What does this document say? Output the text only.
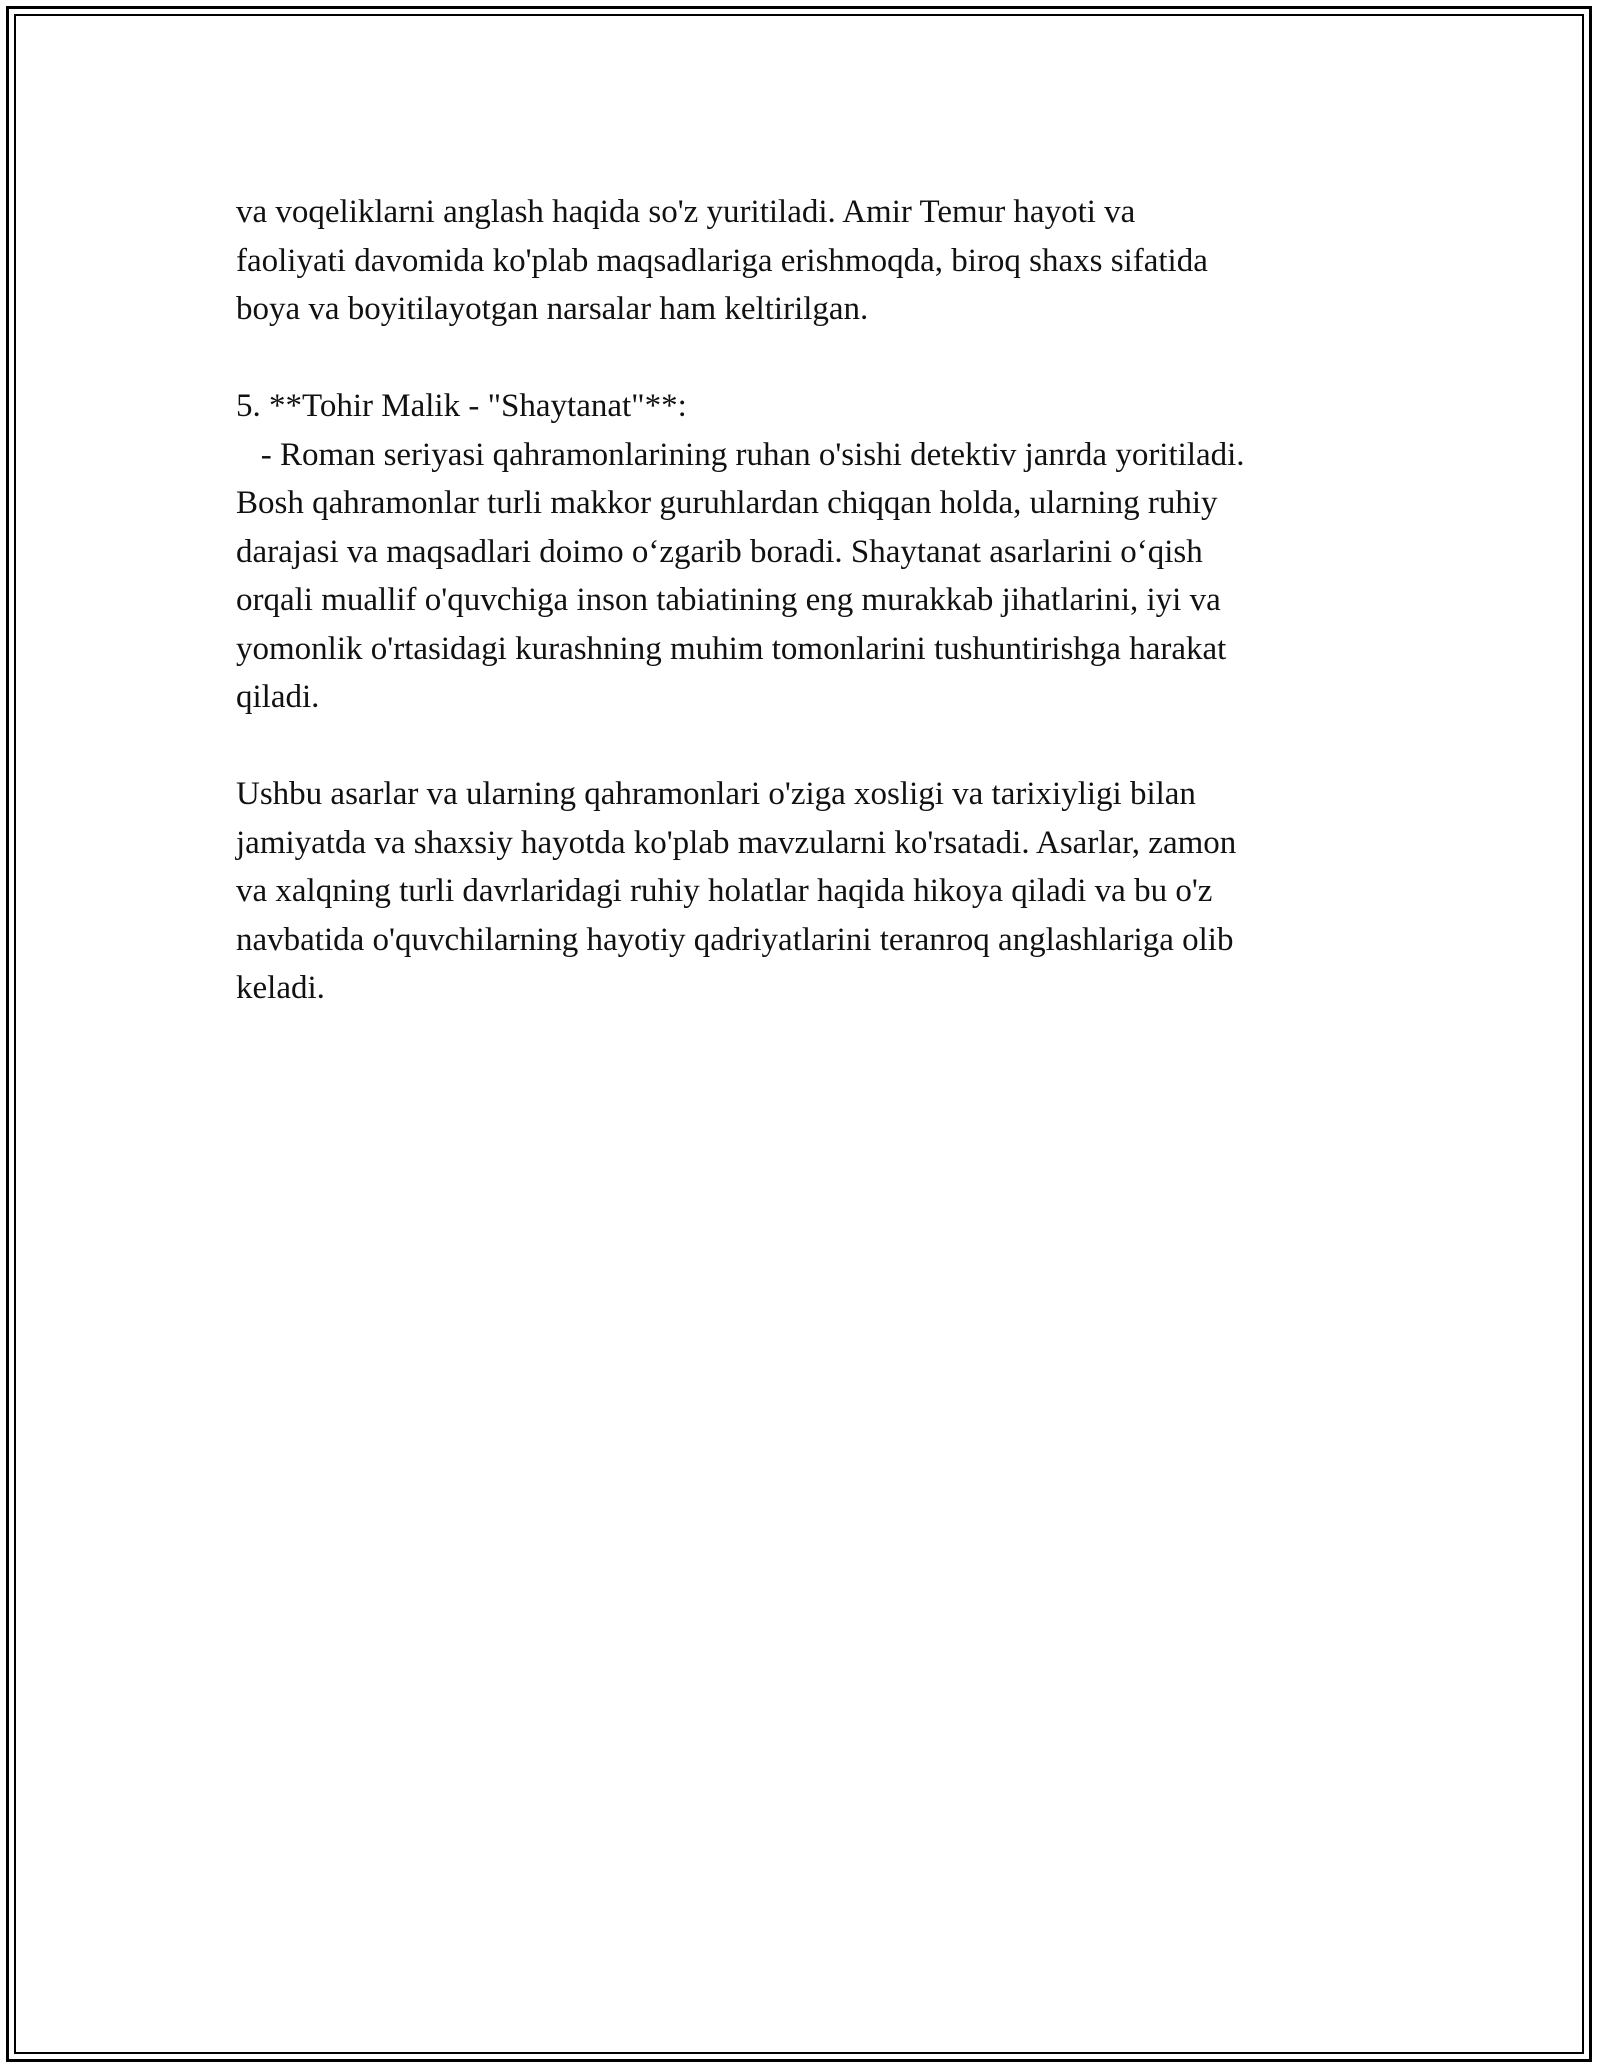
va voqeliklarni anglash haqida so'z yuritiladi. Amir Temur hayoti va
faoliyati davomida ko'plab maqsadlariga erishmoqda, biroq shaxs sifatida
boya va boyitilayotgan narsalar ham keltirilgan.
5. **Tohir Malik - "Shaytanat"**:
- Roman seriyasi qahramonlarining ruhan o'sishi detektiv janrda yoritiladi.
Bosh qahramonlar turli makkor guruhlardan chiqqan holda, ularning ruhiy
darajasi va maqsadlari doimo o‘zgarib boradi. Shaytanat asarlarini o‘qish
orqali muallif o'quvchiga inson tabiatining eng murakkab jihatlarini, iyi va
yomonlik o'rtasidagi kurashning muhim tomonlarini tushuntirishga harakat
qiladi.
Ushbu asarlar va ularning qahramonlari o'ziga xosligi va tarixiyligi bilan
jamiyatda va shaxsiy hayotda ko'plab mavzularni ko'rsatadi. Asarlar, zamon
va xalqning turli davrlaridagi ruhiy holatlar haqida hikoya qiladi va bu o'z
navbatida o'quvchilarning hayotiy qadriyatlarini teranroq anglashlariga olib
keladi.
